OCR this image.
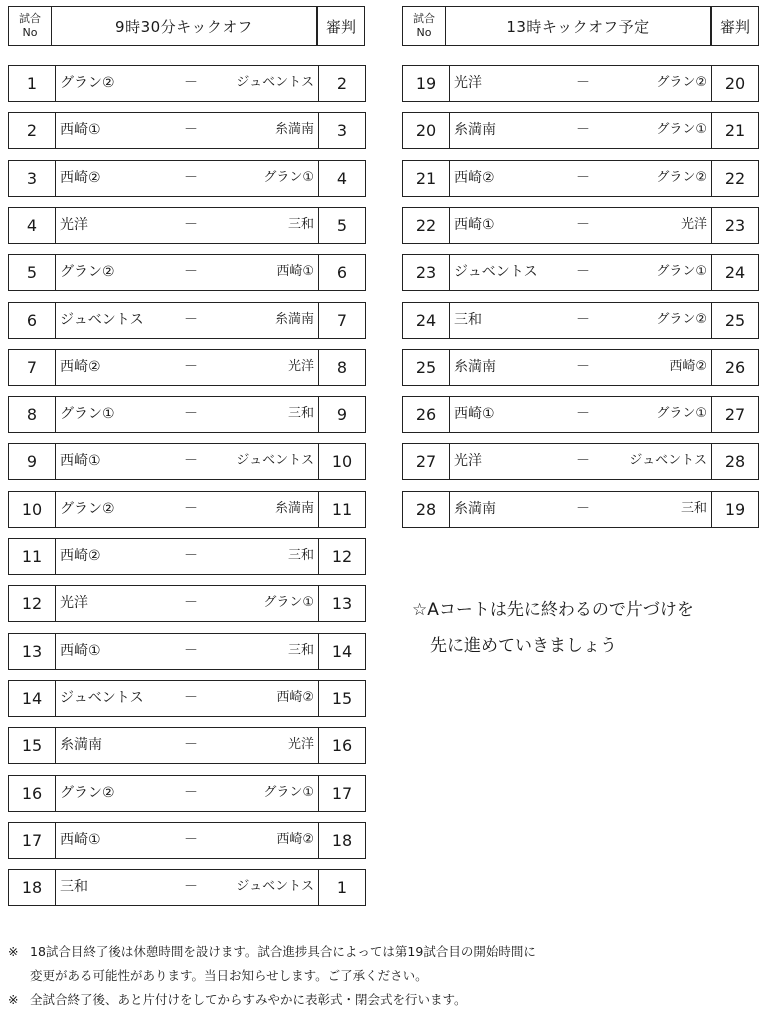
試合
No	9時30分キックオフ	審判
1	グラン②	－	ジュベントス	2
2	西崎①	－	糸満南	3
3	西崎②	－	グラン①	4
4	光洋	－	三和	5
5	グラン②	－	西崎①	6
6	ジュベントス	－	糸満南	7
7	西崎②	－	光洋	8
8	グラン①	－	三和	9
9	西崎①	－	ジュベントス	10
10	グラン②	－	糸満南	11
11	西崎②	－	三和	12
12	光洋	－	グラン①	13
13	西崎①	－	三和	14
14	ジュベントス	－	西崎②	15
15	糸満南	－	光洋	16
16	グラン②	－	グラン①	17
17	西崎①	－	西崎②	18
18	三和	－	ジュベントス	1
試合
No	13時キックオフ予定	審判
19	光洋	－	グラン②	20
20	糸満南	－	グラン①	21
21	西崎②	－	グラン②	22
22	西崎①	－	光洋	23
23	ジュベントス	－	グラン①	24
24	三和	－	グラン②	25
25	糸満南	－	西崎②	26
26	西崎①	－	グラン①	27
27	光洋	－	ジュベントス	28
28	糸満南	－	三和	19
☆Aコートは先に終わるので片づけを
先に進めていきましょう
※ 18試合目終了後は休憩時間を設けます。試合進捗具合によっては第19試合目の開始時間に
変更がある可能性があります。当日お知らせします。ご了承ください。
※ 全試合終了後、あと片付けをしてからすみやかに表彰式・閉会式を行います。
